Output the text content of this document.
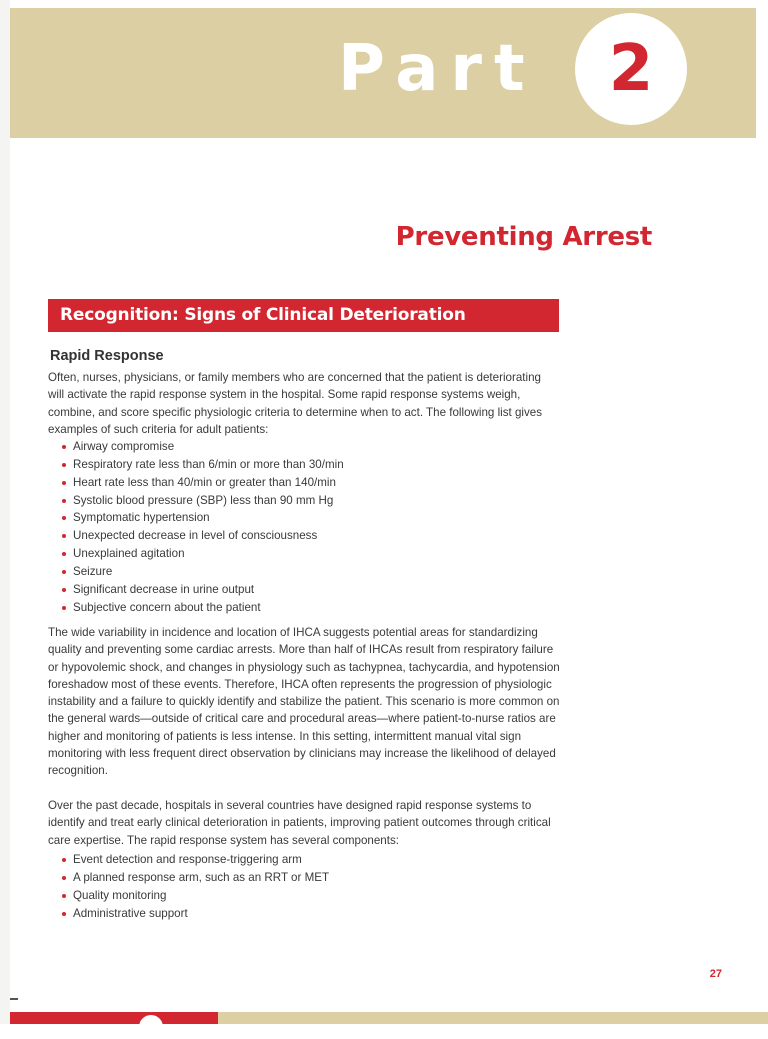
Part	2
Preventing Arrest
Recognition: Signs of Clinical Deterioration
Rapid Response

Often, nurses, physicians, or family members who are concerned that the patient is deteriorating will activate the rapid response system in the hospital. Some rapid response systems weigh, combine, and score specific physiologic criteria to determine when to act. The following list gives examples of such criteria for adult patients:

Airway compromise
Respiratory rate less than 6/min or more than 30/min
Heart rate less than 40/min or greater than 140/min
Systolic blood pressure (SBP) less than 90 mm Hg
Symptomatic hypertension
Unexpected decrease in level of consciousness
Unexplained agitation
Seizure
Significant decrease in urine output
Subjective concern about the patient

The wide variability in incidence and location of IHCA suggests potential areas for standardizing quality and preventing some cardiac arrests. More than half of IHCAs result from respiratory failure or hypovolemic shock, and changes in physiology such as tachypnea, tachycardia, and hypotension foreshadow most of these events. Therefore, IHCA often represents the progression of physiologic instability and a failure to quickly identify and stabilize the patient. This scenario is more common on the general wards—outside of critical care and procedural areas—where patient-to-nurse ratios are higher and monitoring of patients is less intense. In this setting, intermittent manual vital sign monitoring with less frequent direct observation by clinicians may increase the likelihood of delayed recognition.

Over the past decade, hospitals in several countries have designed rapid response systems to identify and treat early clinical deterioration in patients, improving patient outcomes through critical care expertise. The rapid response system has several components:

Event detection and response-triggering arm
A planned response arm, such as an RRT or MET
Quality monitoring
Administrative support
27
